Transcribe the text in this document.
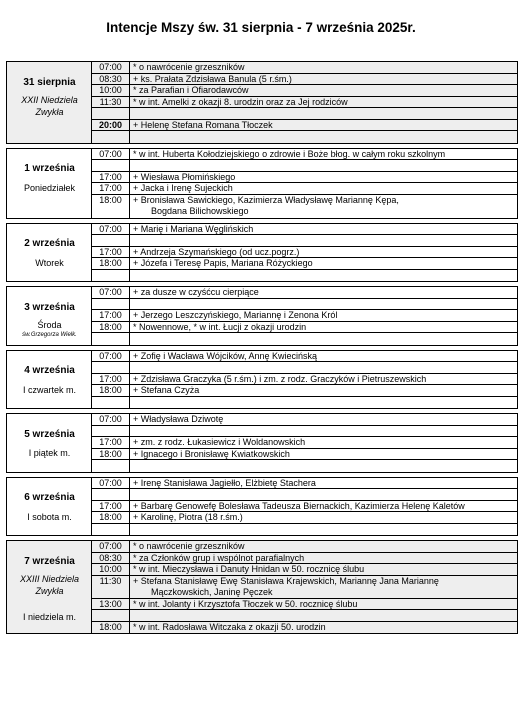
Intencje Mszy św. 31 sierpnia - 7 września 2025r.
31 sierpnia
XXII Niedziela
Zwykła
07:00	* o nawrócenie grzeszników
08:30	+ ks. Prałata Zdzisława Banula (5 r.śm.)
10:00	* za Parafian i Ofiarodawców
11:30	* w int. Amelki z okazji 8. urodzin oraz za Jej rodziców
20:00	+ Helenę Stefana Romana Tłoczek
1 września
Poniedziałek
07:00	* w int. Huberta Kołodziejskiego o zdrowie i Boże błog. w całym roku szkolnym
17:00	+ Wiesława Płomińskiego
17:00	+ Jacka i Irenę Sujeckich
18:00	+ Bronisława Sawickiego, Kazimierza Władysławę Mariannę Kępa,
Bogdana Bilichowskiego
2 września
Wtorek
07:00	+ Marię i Mariana Węglińskich
17:00	+ Andrzeja Szymańskiego (od ucz.pogrz.)
18:00	+ Józefa i Teresę Papis, Mariana Różyckiego
3 września
Środa
św.Grzegorza Wielk.
07:00	+ za dusze w czyśćcu cierpiące
17:00	+ Jerzego Leszczyńskiego, Mariannę i Zenona Król
18:00	* Nowennowe, * w int. Łucji z okazji urodzin
4 września
I czwartek m.
07:00	+ Zofię i Wacława Wójcików, Annę Kwiecińską
17:00	+ Zdzisława Graczyka (5 r.śm.) i zm. z rodz. Graczyków i Pietruszewskich
18:00	+ Stefana Czyża
5 września
I piątek m.
07:00	+ Władysława Dziwotę
17:00	+ zm. z rodz. Łukasiewicz i Woldanowskich
18:00	+ Ignacego i Bronisławę Kwiatkowskich
6 września
I sobota m.
07:00	+ Irenę Stanisława Jagiełło, Elżbietę Stachera
17:00	+ Barbarę Genowefę Bolesława Tadeusza Biernackich, Kazimierza Helenę Kaletów
18:00	+ Karolinę, Piotra (18 r.śm.)
7 września
XXIII Niedziela
Zwykła
I niedziela m.
07:00	* o nawrócenie grzeszników
08:30	* za Członków grup i wspólnot parafialnych
10:00	* w int. Mieczysława i Danuty Hnidan w 50. rocznicę ślubu
11:30	+ Stefana Stanisławę Ewę Stanisława Krajewskich, Mariannę Jana Mariannę
Mączkowskich, Janinę Pęczek
13:00	* w int. Jolanty i Krzysztofa Tłoczek w 50. rocznicę ślubu
18:00	* w int. Radosława Witczaka z okazji 50. urodzin
